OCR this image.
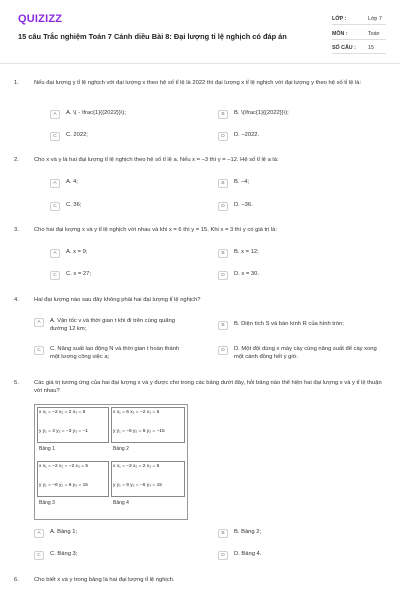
QUIZIZZ
15 câu Trắc nghiệm Toán 7 Cánh diều Bài 8: Đại lượng tỉ lệ nghịch có đáp án
LỚP :	Lớp 7
MÔN :	Toán
SỐ CÂU : 15
1.	Nếu đại lượng y tỉ lệ nghịch với đại lượng x theo hệ số tỉ lệ là 2022 thì đại lượng x tỉ lệ nghịch với đại lượng y theo hệ số tỉ lệ là:
A	A. \( - \frac{1}{{2022}}\);	B	B. \(\frac{1}{{2022}}\);
C	C. 2022;	D	D. –2022.
2.	Cho x và y là hai đại lượng tỉ lệ nghịch theo hệ số tỉ lệ a. Nếu x = –3 thì y = –12. Hệ số tỉ lệ a là:
A	A. 4;	B	B. –4;
C	C. 36;	D	D. –36.
3.	Cho hai đại lượng x và y tỉ lệ nghịch với nhau và khi x = 6 thì y = 15. Khi x = 3 thì y có giá trị là:
A	A. x = 9;	B	B. x = 12;
C	C. x = 27;	D	D. x = 30.
4.	Hai đại lượng nào sau đây không phải hai đại lượng tỉ lệ nghịch?
A	A. Vận tốc v và thời gian t khi đi trên cùng quãng đường 12 km;
B	B. Diện tích S và bán kính R của hình tròn;
C	C. Năng suất lao động N và thời gian t hoàn thành một lượng công việc a;
D	D. Một đội dùng x máy cày cùng năng suất để cày xong một cánh đồng hết y giờ.
5.	Các giá trị tương ứng của hai đại lượng x và y được cho trong các bảng dưới đây, hỏi bảng nào thể hiện hai đại lượng x và y tỉ lệ thuận với nhau?
x x₁ = −2 x₂ = 2 x₃ = 6
y y₁ = 3 y₂ = −3 y₃ = −1
Bảng 1
x x₁ = 6 x₂ = −2 x₃ = 5
y y₁ = −6 y₂ = 6 y₃ = −15
Bảng 2
x x₁ = −2 x₂ = −2 x₃ = 5
y y₁ = −6 y₂ = 6 y₃ = 15
Bảng 3
x x₁ = −3 x₂ = 2 x₃ = 5
y y₁ = 9 y₂ = −6 y₃ = 15
Bảng 4
A	A. Bảng 1;	B	B. Bảng 2;
C	C. Bảng 3;	D	D. Bảng 4.
6.	Cho biết x và y trong bảng là hai đại lượng tỉ lệ nghịch.
